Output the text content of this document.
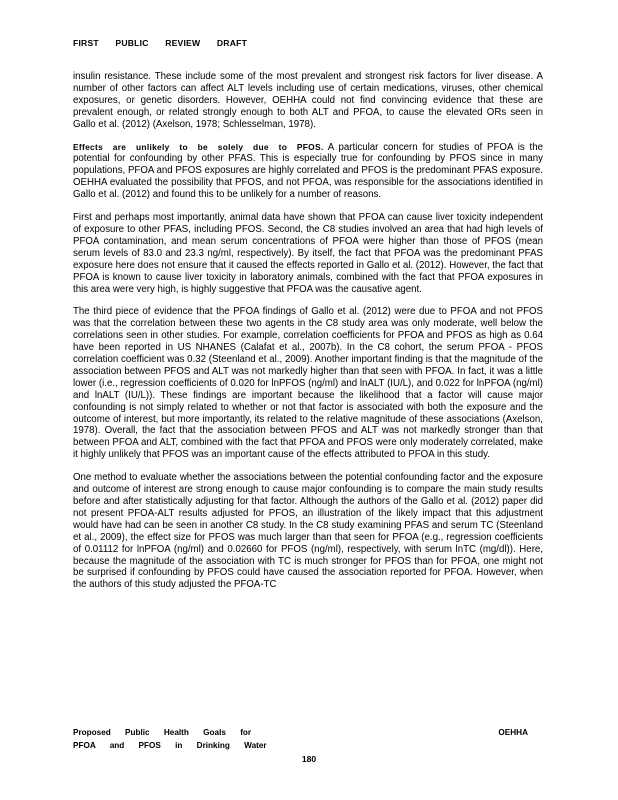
FIRST PUBLIC REVIEW DRAFT

insulin resistance. These include some of the most prevalent and strongest risk factors for liver disease. A number of other factors can affect ALT levels including use of certain medications, viruses, other chemical exposures, or genetic disorders. However, OEHHA could not find convincing evidence that these are prevalent enough, or related strongly enough to both ALT and PFOA, to cause the elevated ORs seen in Gallo et al. (2012) (Axelson, 1978; Schlesselman, 1978).

Effects are unlikely to be solely due to PFOS. A particular concern for studies of PFOA is the potential for confounding by other PFAS. This is especially true for confounding by PFOS since in many populations, PFOA and PFOS exposures are highly correlated and PFOS is the predominant PFAS exposure. OEHHA evaluated the possibility that PFOS, and not PFOA, was responsible for the associations identified in Gallo et al. (2012) and found this to be unlikely for a number of reasons.

First and perhaps most importantly, animal data have shown that PFOA can cause liver toxicity independent of exposure to other PFAS, including PFOS. Second, the C8 studies involved an area that had high levels of PFOA contamination, and mean serum concentrations of PFOA were higher than those of PFOS (mean serum levels of 83.0 and 23.3 ng/ml, respectively). By itself, the fact that PFOA was the predominant PFAS exposure here does not ensure that it caused the effects reported in Gallo et al. (2012). However, the fact that PFOA is known to cause liver toxicity in laboratory animals, combined with the fact that PFOA exposures in this area were very high, is highly suggestive that PFOA was the causative agent.

The third piece of evidence that the PFOA findings of Gallo et al. (2012) were due to PFOA and not PFOS was that the correlation between these two agents in the C8 study area was only moderate, well below the correlations seen in other studies. For example, correlation coefficients for PFOA and PFOS as high as 0.64 have been reported in US NHANES (Calafat et al., 2007b). In the C8 cohort, the serum PFOA - PFOS correlation coefficient was 0.32 (Steenland et al., 2009). Another important finding is that the magnitude of the association between PFOS and ALT was not markedly higher than that seen with PFOA. In fact, it was a little lower (i.e., regression coefficients of 0.020 for lnPFOS (ng/ml) and lnALT (IU/L), and 0.022 for lnPFOA (ng/ml) and lnALT (IU/L)). These findings are important because the likelihood that a factor will cause major confounding is not simply related to whether or not that factor is associated with both the exposure and the outcome of interest, but more importantly, its related to the relative magnitude of these associations (Axelson, 1978). Overall, the fact that the association between PFOS and ALT was not markedly stronger than that between PFOA and ALT, combined with the fact that PFOA and PFOS were only moderately correlated, make it highly unlikely that PFOS was an important cause of the effects attributed to PFOA in this study.

One method to evaluate whether the associations between the potential confounding factor and the exposure and outcome of interest are strong enough to cause major confounding is to compare the main study results before and after statistically adjusting for that factor. Although the authors of the Gallo et al. (2012) paper did not present PFOA-ALT results adjusted for PFOS, an illustration of the likely impact that this adjustment would have had can be seen in another C8 study. In the C8 study examining PFAS and serum TC (Steenland et al., 2009), the effect size for PFOS was much larger than that seen for PFOA (e.g., regression coefficients of 0.01112 for lnPFOA (ng/ml) and 0.02660 for PFOS (ng/ml), respectively, with serum lnTC (mg/dl)). Here, because the magnitude of the association with TC is much stronger for PFOS than for PFOA, one might not be surprised if confounding by PFOS could have caused the association reported for PFOA. However, when the authors of this study adjusted the PFOA-TC

Proposed Public Health Goals for
PFOA and PFOS in Drinking Water
OEHHA
180
